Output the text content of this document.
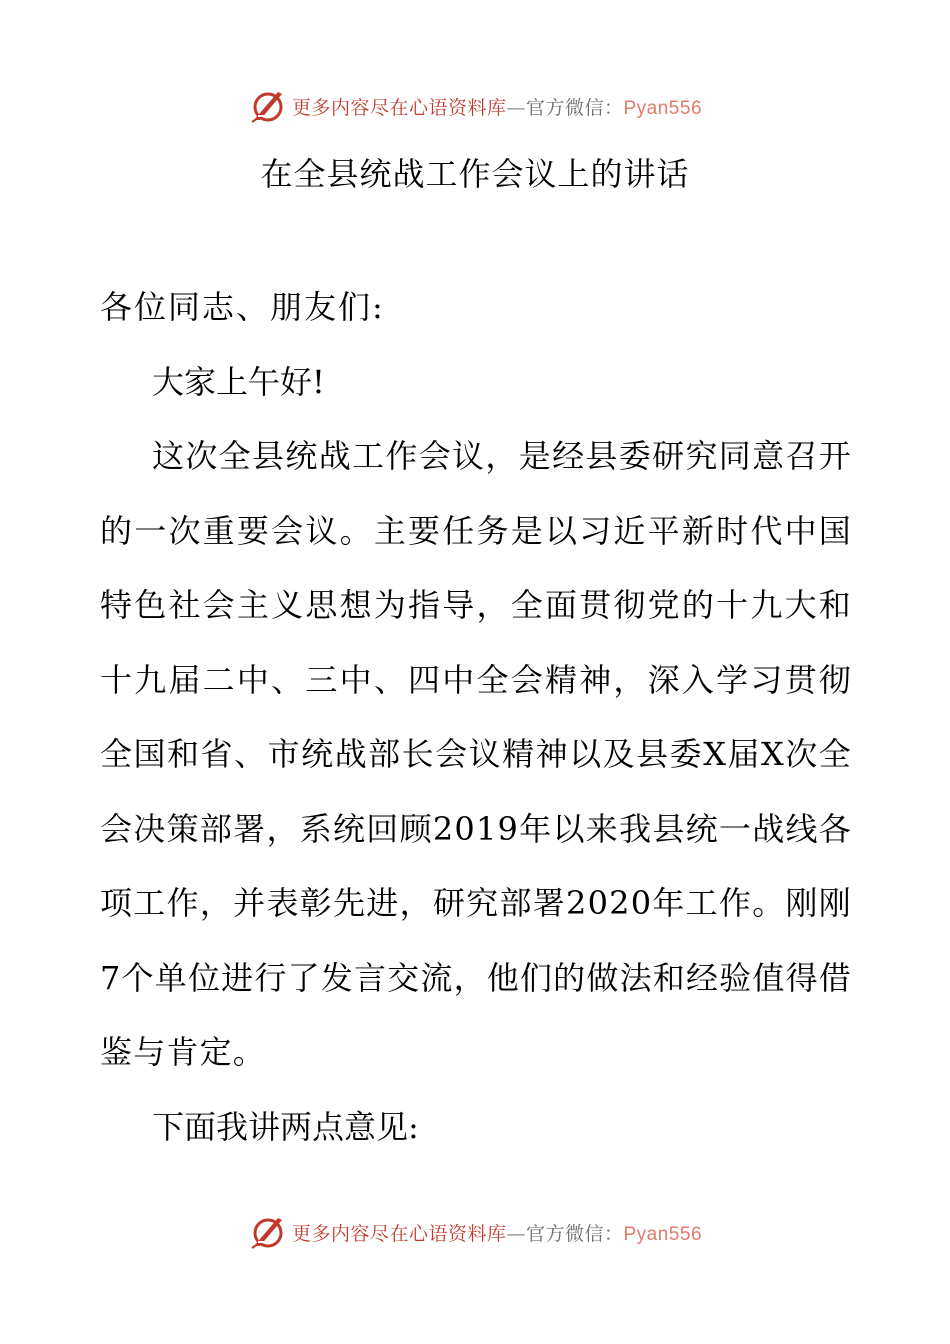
更多内容尽在心语资料库—官方微信：Pyan556
在全县统战工作会议上的讲话

各位同志、朋友们:

大家上午好!

这次全县统战工作会议，是经县委研究同意召开的一次重要会议。主要任务是以习近平新时代中国特色社会主义思想为指导，全面贯彻党的十九大和十九届二中、三中、四中全会精神，深入学习贯彻全国和省、市统战部长会议精神以及县委X届X次全会决策部署，系统回顾2019年以来我县统一战线各项工作，并表彰先进，研究部署2020年工作。刚刚7个单位进行了发言交流，他们的做法和经验值得借鉴与肯定。

下面我讲两点意见:

更多内容尽在心语资料库—官方微信：Pyan556
